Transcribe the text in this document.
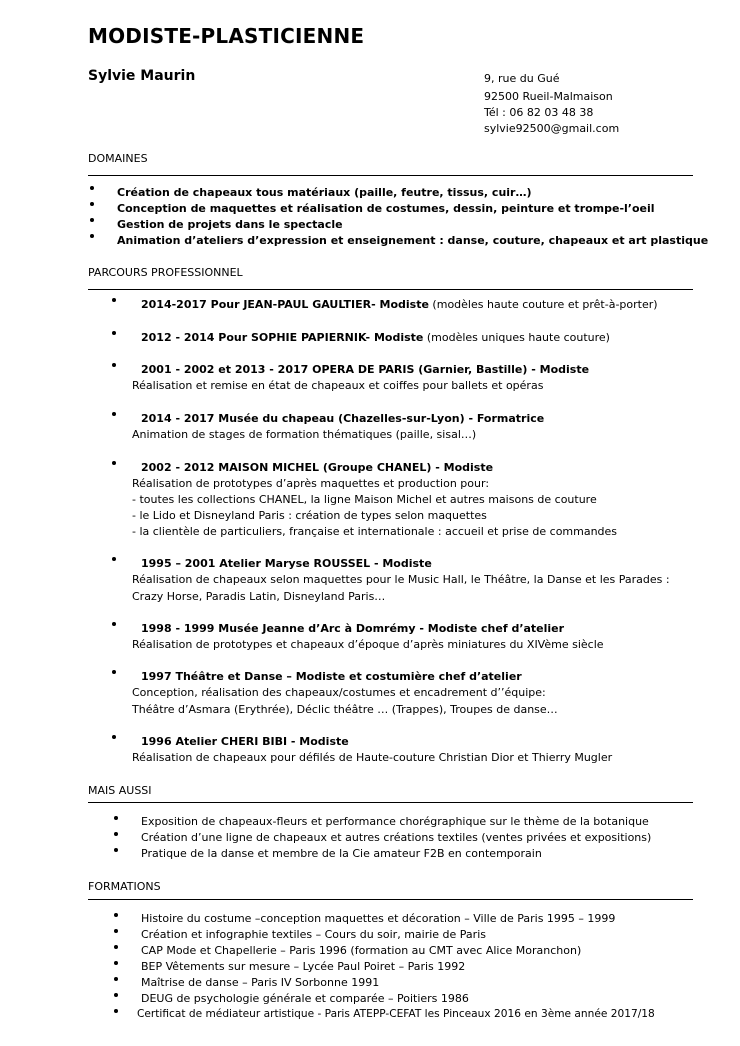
MODISTE-PLASTICIENNE
Sylvie Maurin	9, rue du Gué
92500 Rueil-Malmaison
Tél : 06 82 03 48 38
sylvie92500@gmail.com
DOMAINES
Création de chapeaux tous matériaux (paille, feutre, tissus, cuir…)
Conception de maquettes et réalisation de costumes, dessin, peinture et trompe-l’oeil
Gestion de projets dans le spectacle
Animation d’ateliers d’expression et enseignement : danse, couture, chapeaux et art plastique
PARCOURS PROFESSIONNEL
2014-2017 Pour JEAN-PAUL GAULTIER- Modiste (modèles haute couture et prêt-à-porter)
2012 - 2014 Pour SOPHIE PAPIERNIK- Modiste (modèles uniques haute couture)
2001 - 2002 et 2013 - 2017 OPERA DE PARIS (Garnier, Bastille) - Modiste
Réalisation et remise en état de chapeaux et coiffes pour ballets et opéras
2014 - 2017 Musée du chapeau (Chazelles-sur-Lyon) - Formatrice
Animation de stages de formation thématiques (paille, sisal…)
2002 - 2012 MAISON MICHEL (Groupe CHANEL) - Modiste
Réalisation de prototypes d’après maquettes et production pour:
- toutes les collections CHANEL, la ligne Maison Michel et autres maisons de couture
- le Lido et Disneyland Paris : création de types selon maquettes
- la clientèle de particuliers, française et internationale : accueil et prise de commandes
1995 – 2001 Atelier Maryse ROUSSEL - Modiste
Réalisation de chapeaux selon maquettes pour le Music Hall, le Théâtre, la Danse et les Parades :
Crazy Horse, Paradis Latin, Disneyland Paris…
1998 - 1999 Musée Jeanne d’Arc à Domrémy - Modiste chef d’atelier
Réalisation de prototypes et chapeaux d’époque d’après miniatures du XIVème siècle
1997 Théâtre et Danse – Modiste et costumière chef d’atelier
Conception, réalisation des chapeaux/costumes et encadrement d’’équipe:
Théâtre d’Asmara (Erythrée), Déclic théâtre … (Trappes), Troupes de danse…
1996 Atelier CHERI BIBI - Modiste
Réalisation de chapeaux pour défilés de Haute-couture Christian Dior et Thierry Mugler
MAIS AUSSI
Exposition de chapeaux-fleurs et performance chorégraphique sur le thème de la botanique
Création d’une ligne de chapeaux et autres créations textiles (ventes privées et expositions)
Pratique de la danse et membre de la Cie amateur F2B en contemporain
FORMATIONS
Histoire du costume –conception maquettes et décoration – Ville de Paris 1995 – 1999
Création et infographie textiles – Cours du soir, mairie de Paris
CAP Mode et Chapellerie – Paris 1996 (formation au CMT avec Alice Moranchon)
BEP Vêtements sur mesure – Lycée Paul Poiret – Paris 1992
Maîtrise de danse – Paris IV Sorbonne 1991
DEUG de psychologie générale et comparée – Poitiers 1986
Certificat de médiateur artistique - Paris ATEPP-CEFAT les Pinceaux 2016 en 3ème année 2017/18
